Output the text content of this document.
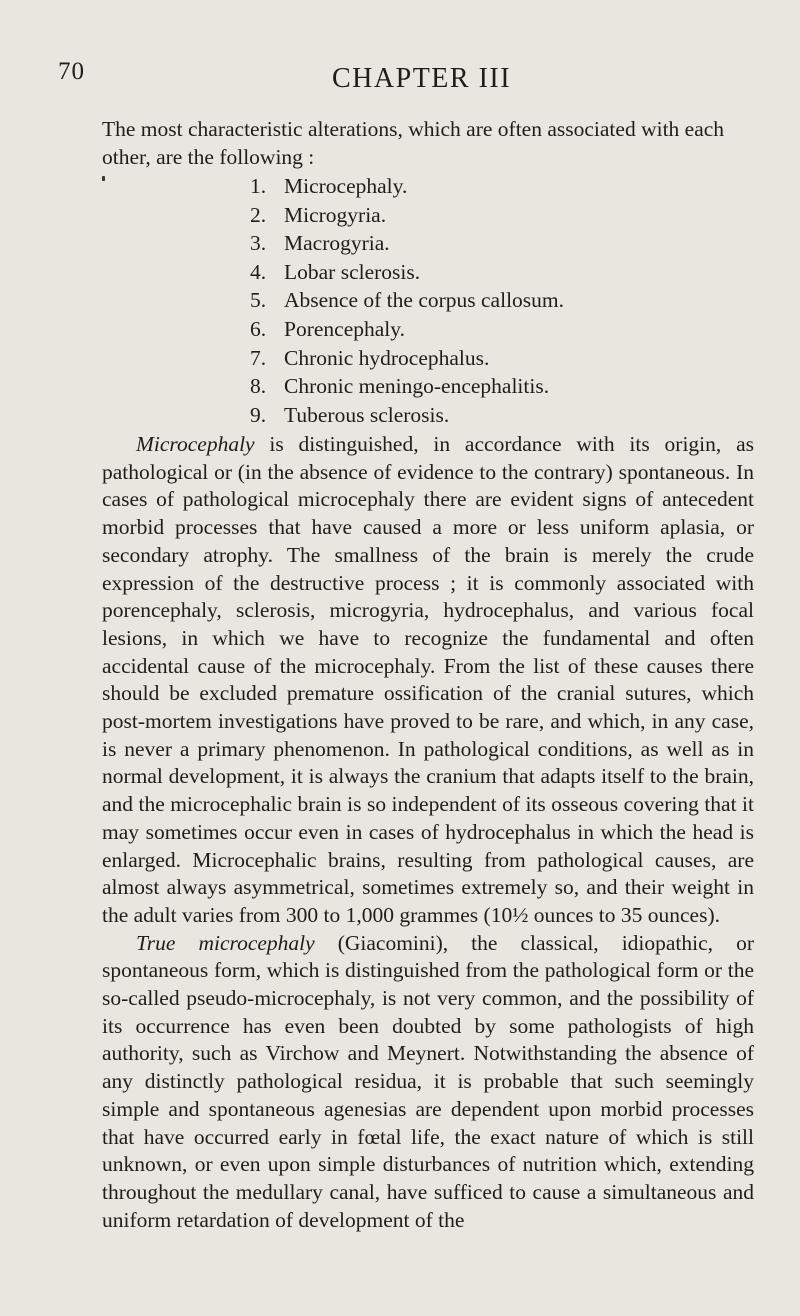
70	CHAPTER III
The most characteristic alterations, which are often associated with each other, are the following :
1. Microcephaly.
2. Microgyria.
3. Macrogyria.
4. Lobar sclerosis.
5. Absence of the corpus callosum.
6. Porencephaly.
7. Chronic hydrocephalus.
8. Chronic meningo-encephalitis.
9. Tuberous sclerosis.

Microcephaly is distinguished, in accordance with its origin, as pathological or (in the absence of evidence to the contrary) spontaneous. In cases of pathological microcephaly there are evident signs of antecedent morbid processes that have caused a more or less uniform aplasia, or secondary atrophy. The smallness of the brain is merely the crude expression of the destructive process ; it is commonly associated with porencephaly, sclerosis, microgyria, hydrocephalus, and various focal lesions, in which we have to recognize the fundamental and often accidental cause of the microcephaly. From the list of these causes there should be excluded premature ossification of the cranial sutures, which post-mortem investigations have proved to be rare, and which, in any case, is never a primary phenomenon. In pathological conditions, as well as in normal development, it is always the cranium that adapts itself to the brain, and the microcephalic brain is so independent of its osseous covering that it may sometimes occur even in cases of hydrocephalus in which the head is enlarged. Microcephalic brains, resulting from pathological causes, are almost always asymmetrical, sometimes extremely so, and their weight in the adult varies from 300 to 1,000 grammes (10½ ounces to 35 ounces).

True microcephaly (Giacomini), the classical, idiopathic, or spontaneous form, which is distinguished from the pathological form or the so-called pseudo-microcephaly, is not very common, and the possibility of its occurrence has even been doubted by some pathologists of high authority, such as Virchow and Meynert. Notwithstanding the absence of any distinctly pathological residua, it is probable that such seemingly simple and spontaneous agenesias are dependent upon morbid processes that have occurred early in fœtal life, the exact nature of which is still unknown, or even upon simple disturbances of nutrition which, extending throughout the medullary canal, have sufficed to cause a simultaneous and uniform retardation of development of the
